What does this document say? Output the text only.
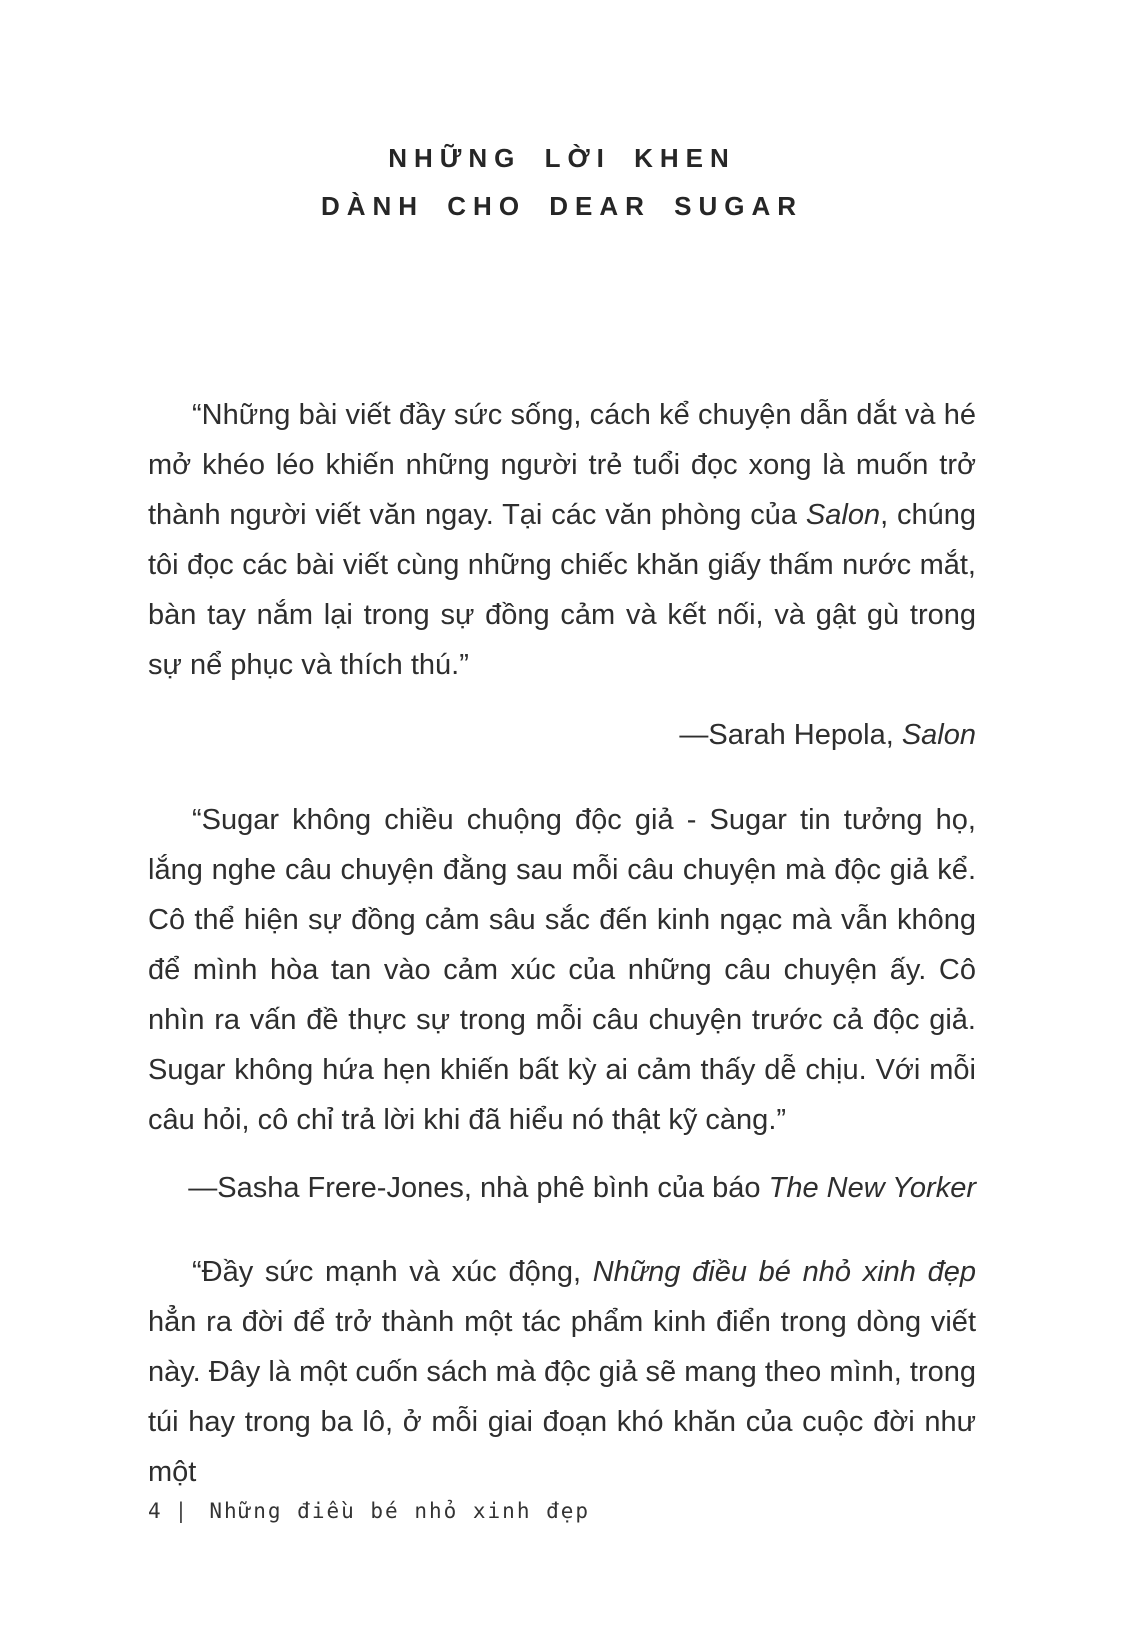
NHỮNG LỜI KHEN
DÀNH CHO DEAR SUGAR

“Những bài viết đầy sức sống, cách kể chuyện dẫn dắt và hé mở khéo léo khiến những người trẻ tuổi đọc xong là muốn trở thành người viết văn ngay. Tại các văn phòng của Salon, chúng tôi đọc các bài viết cùng những chiếc khăn giấy thấm nước mắt, bàn tay nắm lại trong sự đồng cảm và kết nối, và gật gù trong sự nể phục và thích thú.”

—Sarah Hepola, Salon

“Sugar không chiều chuộng độc giả - Sugar tin tưởng họ, lắng nghe câu chuyện đằng sau mỗi câu chuyện mà độc giả kể. Cô thể hiện sự đồng cảm sâu sắc đến kinh ngạc mà vẫn không để mình hòa tan vào cảm xúc của những câu chuyện ấy. Cô nhìn ra vấn đề thực sự trong mỗi câu chuyện trước cả độc giả. Sugar không hứa hẹn khiến bất kỳ ai cảm thấy dễ chịu. Với mỗi câu hỏi, cô chỉ trả lời khi đã hiểu nó thật kỹ càng.”

—Sasha Frere-Jones, nhà phê bình của báo The New Yorker

“Đầy sức mạnh và xúc động, Những điều bé nhỏ xinh đẹp hẳn ra đời để trở thành một tác phẩm kinh điển trong dòng viết này. Đây là một cuốn sách mà độc giả sẽ mang theo mình, trong túi hay trong ba lô, ở mỗi giai đoạn khó khăn của cuộc đời như một

4 | Những điều bé nhỏ xinh đẹp
